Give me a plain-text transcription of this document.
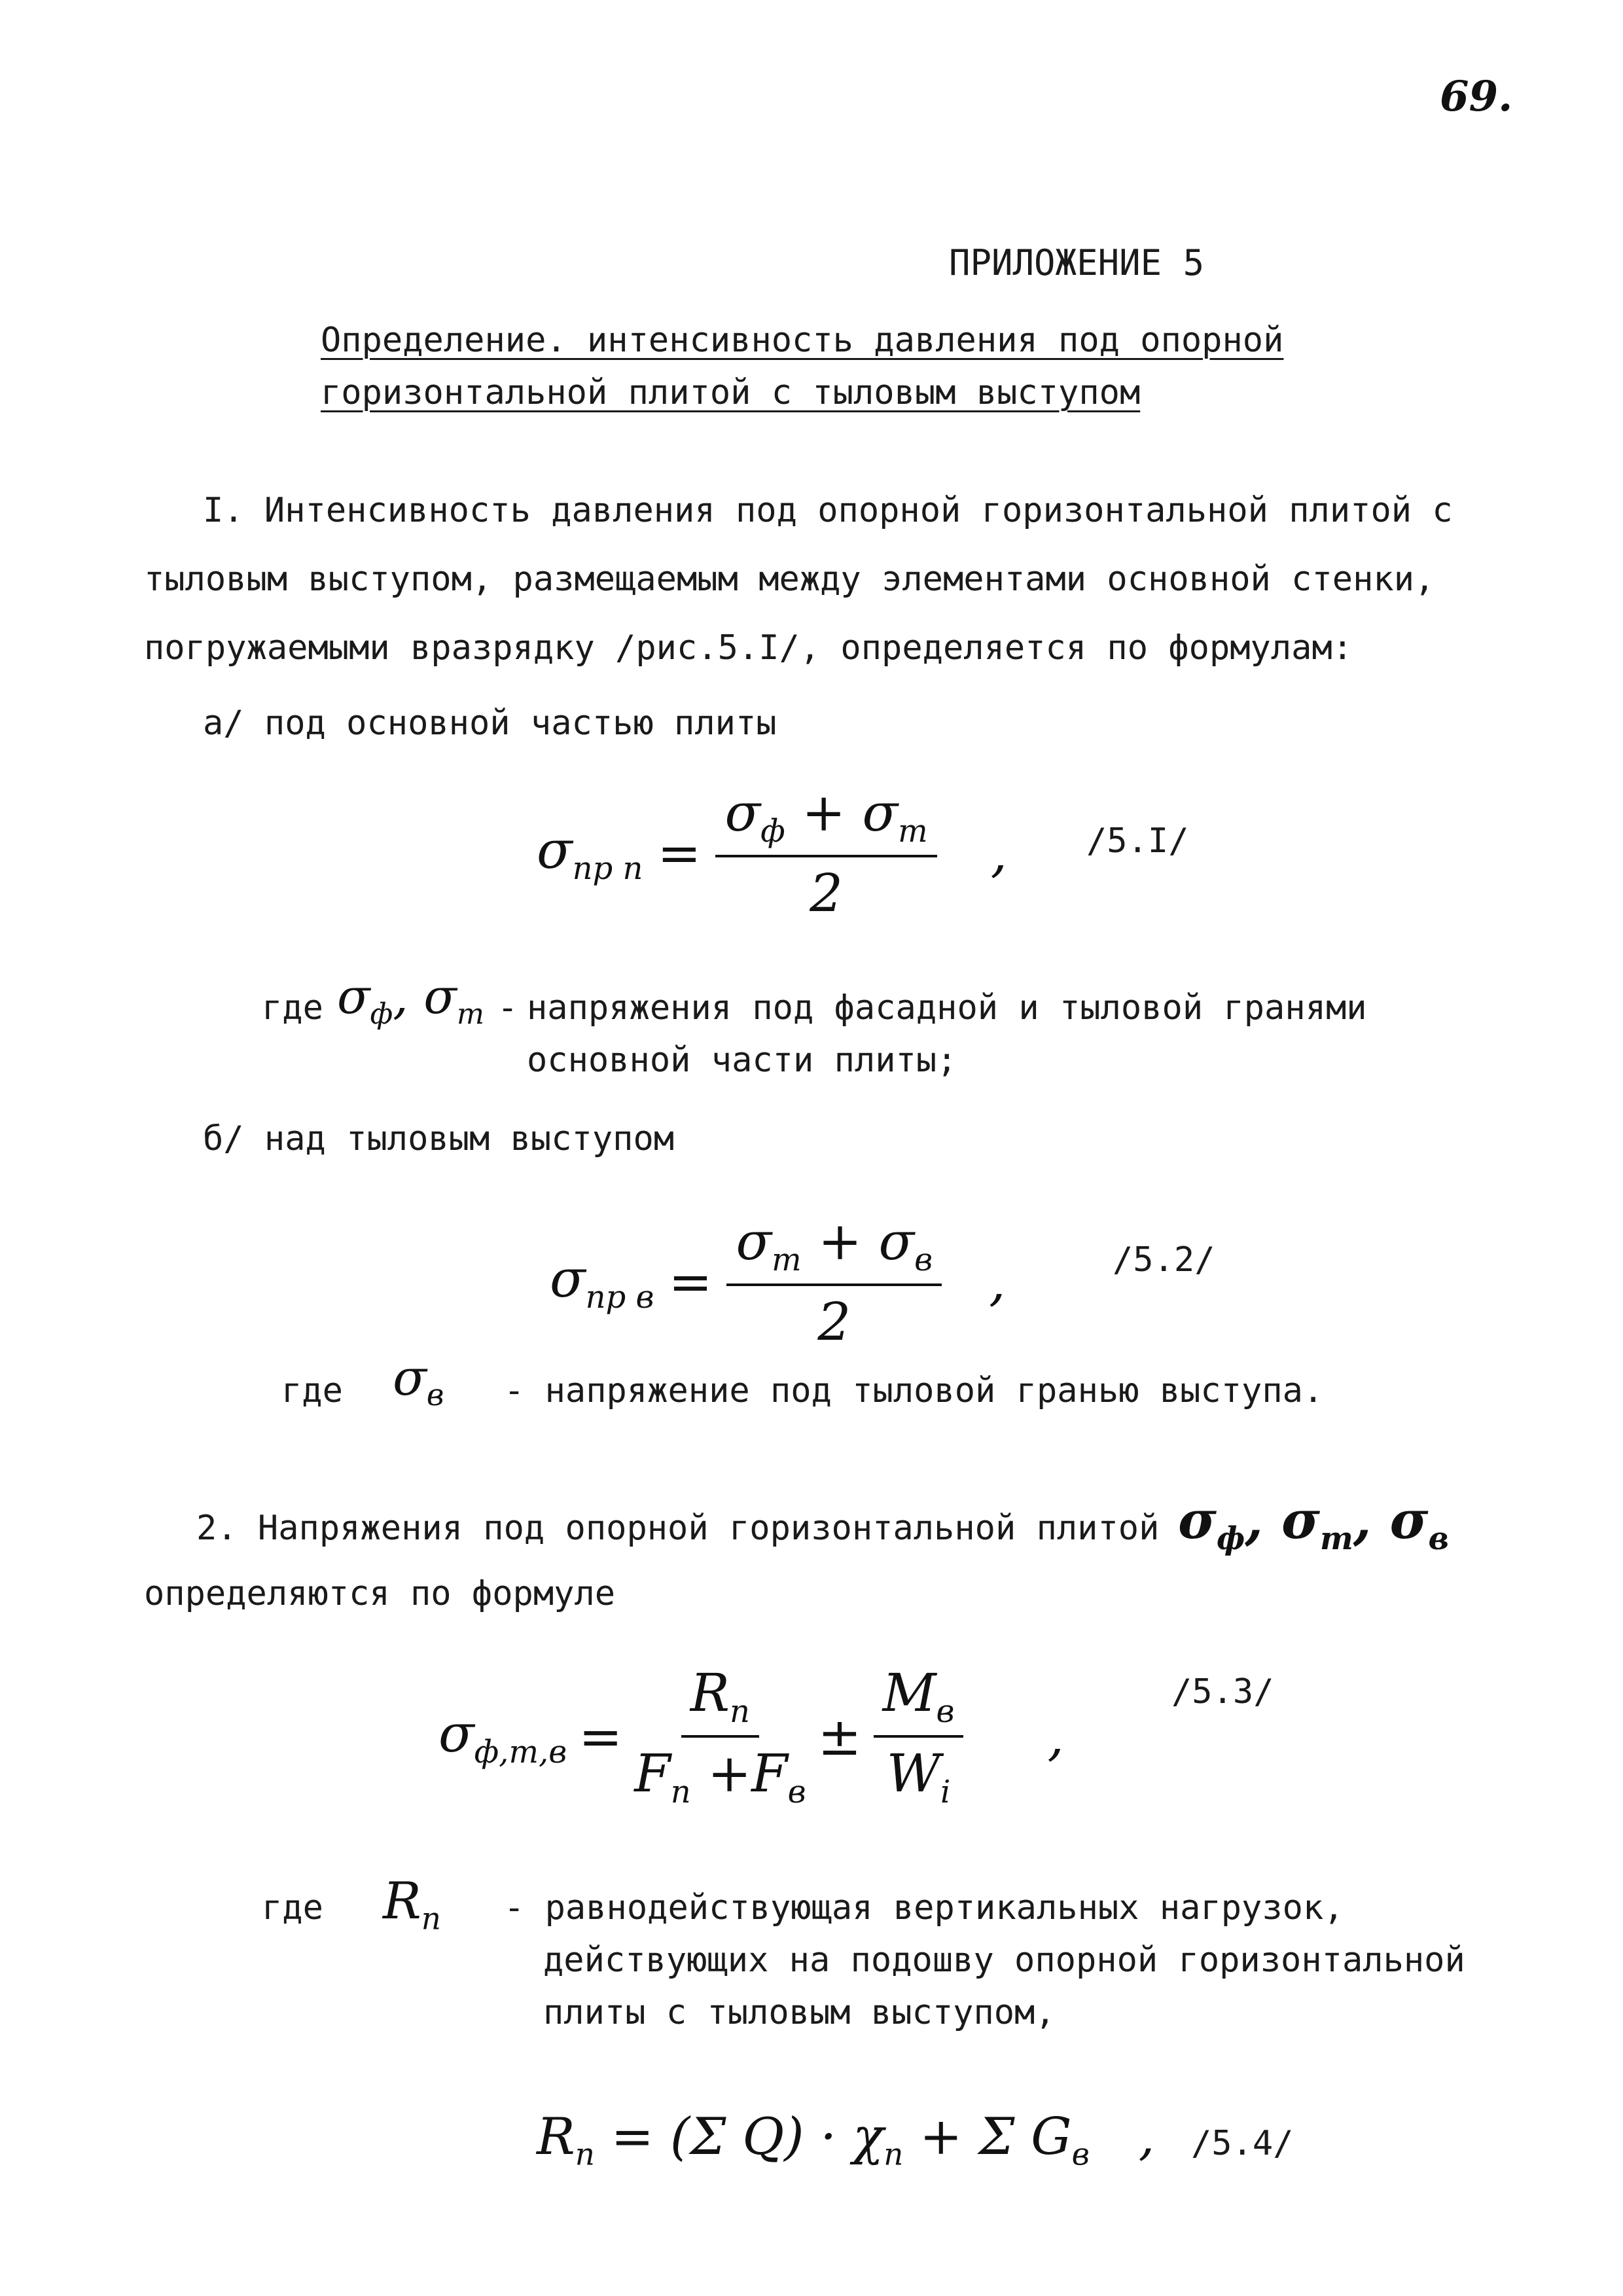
69.
ПРИЛОЖЕНИЕ 5
Определение. интенсивность давления под опорной
горизонтальной плитой с тыловым выступом
I. Интенсивность давления под опорной горизонтальной плитой с
тыловым выступом, размещаемым между элементами основной стенки,
погружаемыми вразрядку /рис.5.I/, определяется по формулам:
а/ под основной частью плиты
$\sigma_{пр п} = \frac{\sigma_ф + \sigma_т}{2}$ , /5.I/
где $\sigma_ф$, $\sigma_т$ - напряжения под фасадной и тыловой гранями
основной части плиты;
б/ над тыловым выступом
$\sigma_{пр в} = \frac{\sigma_т + \sigma_в}{2}$ ,	/5.2/
где $\sigma_в$ - напряжение под тыловой гранью выступа.
2. Напряжения под опорной горизонтальной плитой $\sigma_ф$, $\sigma_т$, $\sigma_в$
определяются по формуле
$\sigma_{ф,т,в} = \frac{R_п}{F_п +F_в} \pm \frac{M_в}{W_i}$ ,
/5.3/
где $R_п$ - равнодействующая вертикальных нагрузок,
действующих на подошву опорной горизонтальной
плиты с тыловым выступом,
$R_п = (\Sigma$ $Q) \cdot \chi_п + \Sigma$ $G_в$ , /5.4/
